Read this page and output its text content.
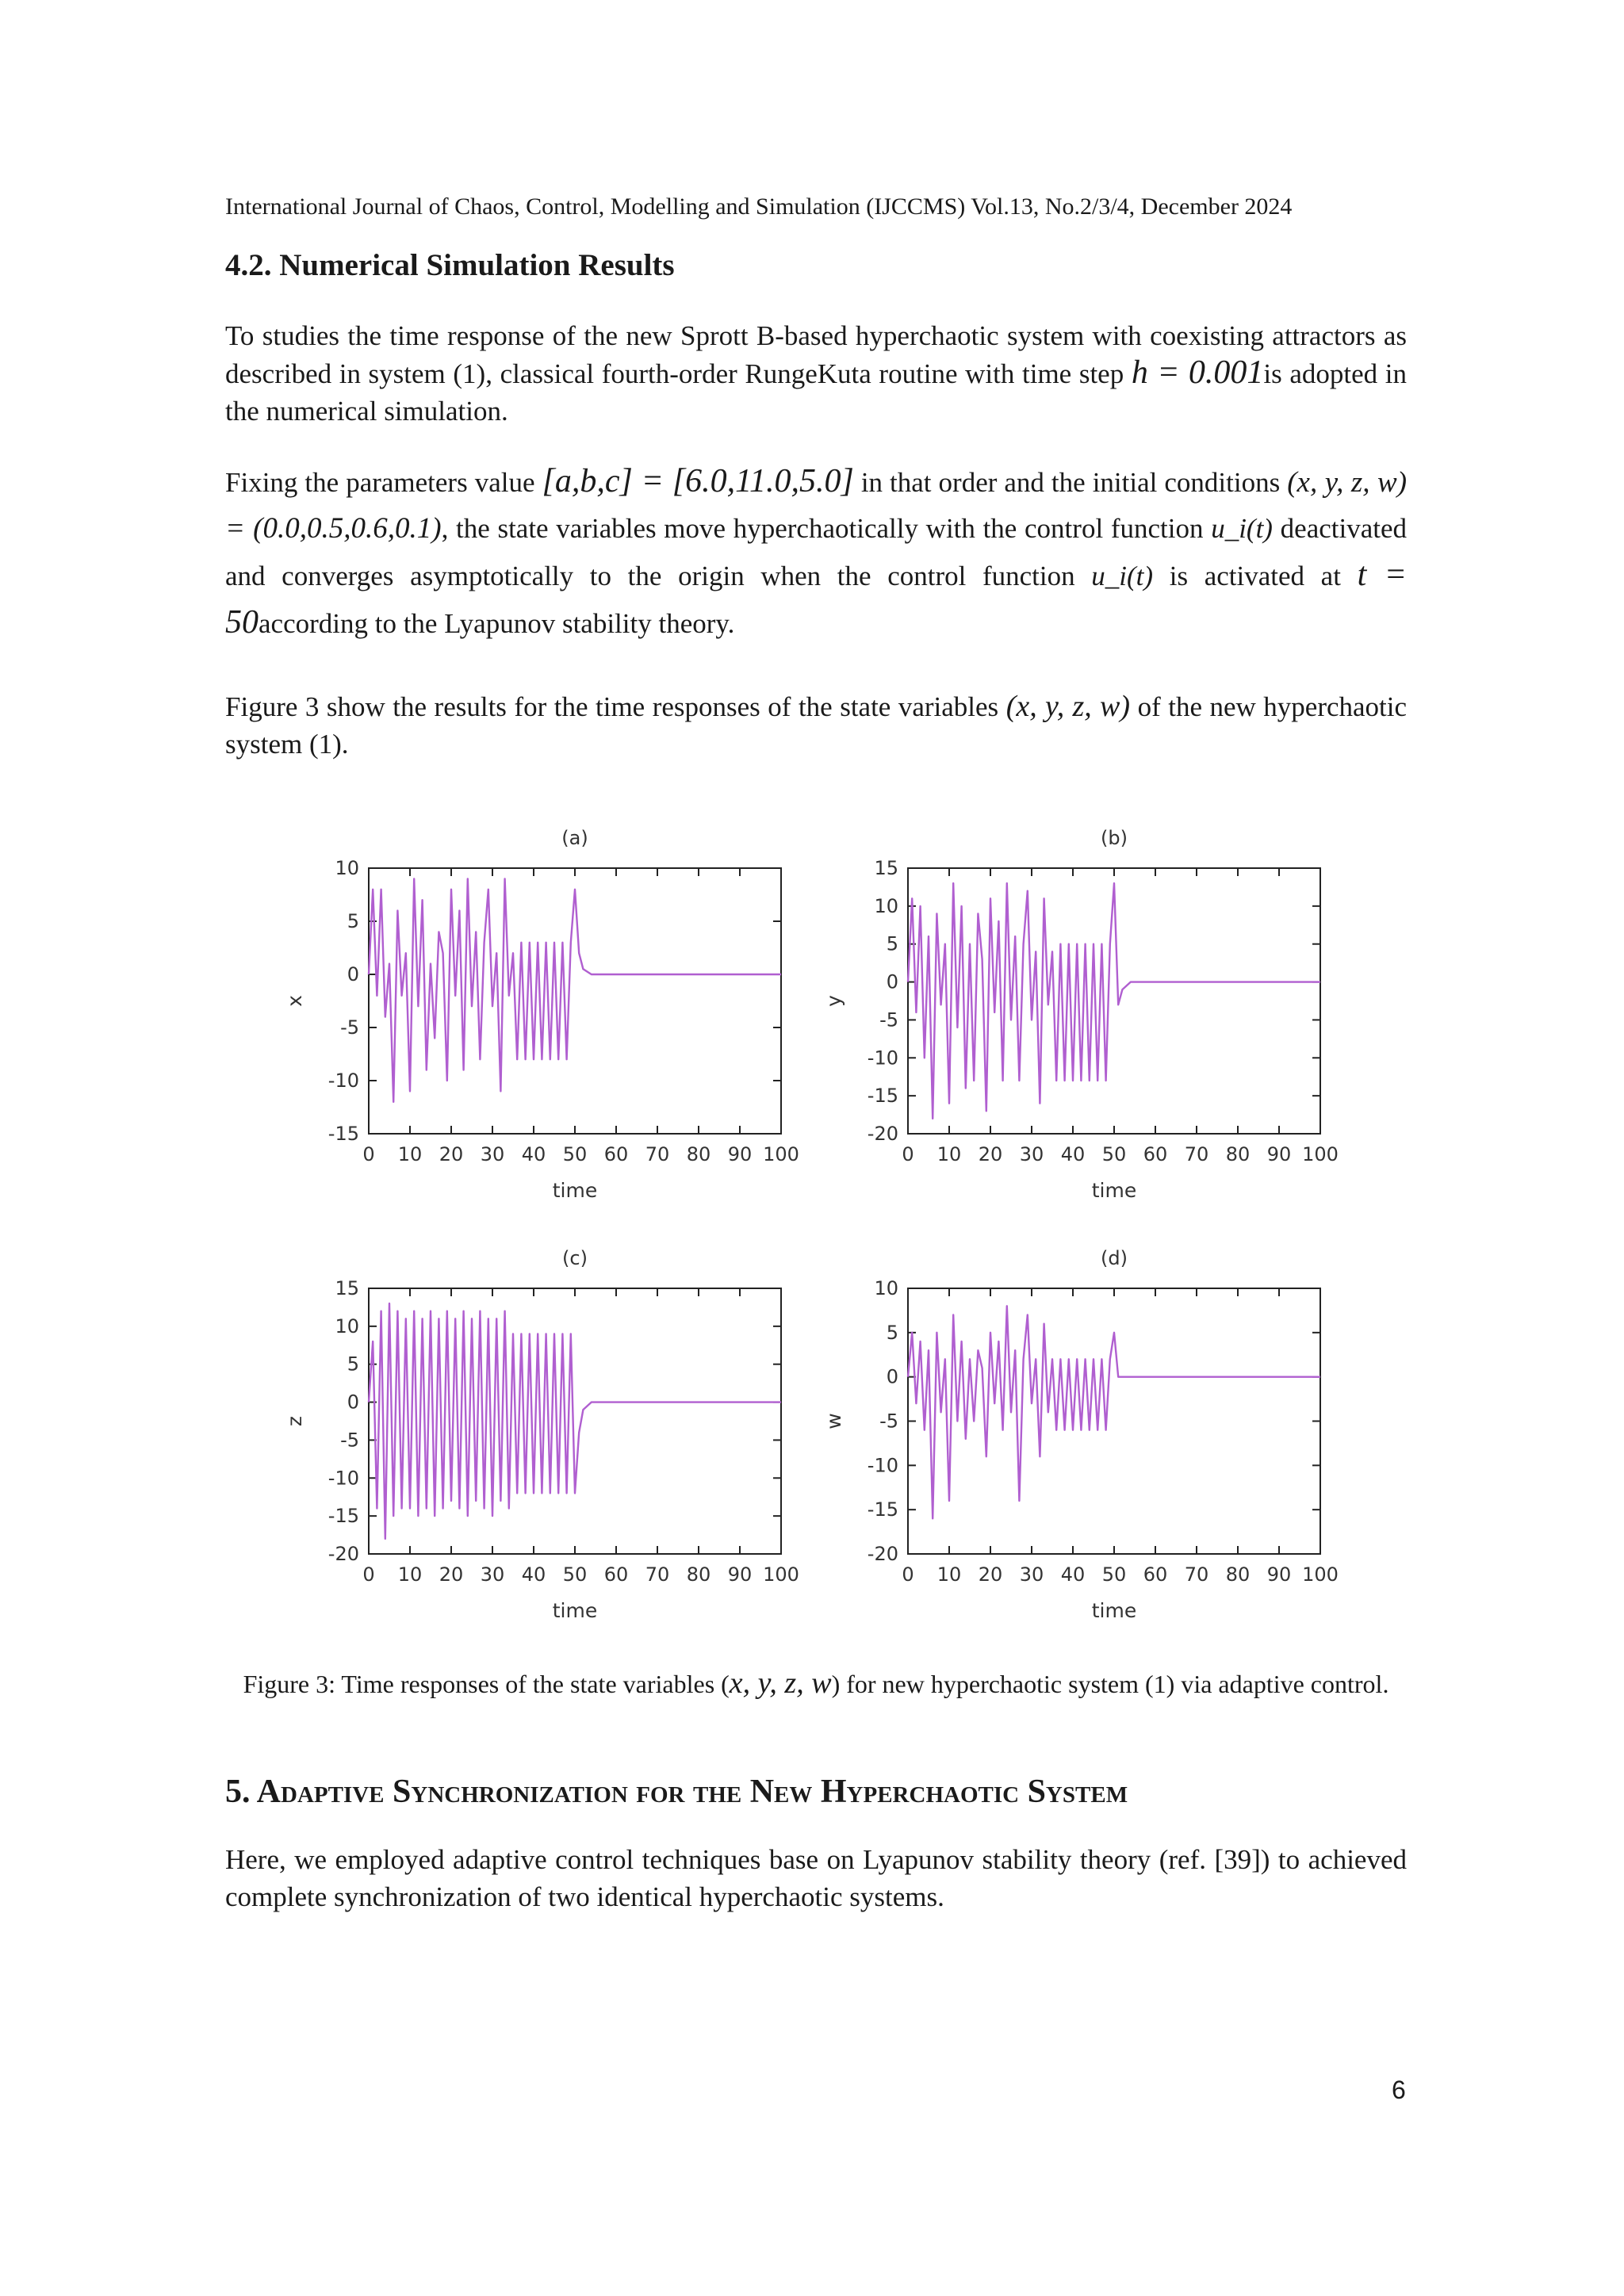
International Journal of Chaos, Control, Modelling and Simulation (IJCCMS) Vol.13, No.2/3/4, December 2024
4.2. Numerical Simulation Results
To studies the time response of the new Sprott B-based hyperchaotic system with coexisting attractors as described in system (1), classical fourth-order RungeKuta routine with time step h = 0.001is adopted in the numerical simulation.
Fixing the parameters value [a,b,c] = [6.0,11.0,5.0] in that order and the initial conditions (x, y, z, w) = (0.0,0.5,0.6,0.1), the state variables move hyperchaotically with the control function u_i(t) deactivated and converges asymptotically to the origin when the control function u_i(t) is activated at t = 50according to the Lyapunov stability theory.
Figure 3 show the results for the time responses of the state variables (x, y, z, w) of the new hyperchaotic system (1).
(a)
0 10 20 30 40 50 60 70 80 90 100
10
5
0
-5
-10
-15
time
x
(b)
0 10 20 30 40 50 60 70 80 90 100
15
10
5
0
-5
-10
-15
-20
time
y
(c)
0 10 20 30 40 50 60 70 80 90 100
15
10
5
0
-5
-10
-15
-20
time
z
(d)
0 10 20 30 40 50 60 70 80 90 100
10
5
0
-5
-10
-15
-20
time
w
Figure 3: Time responses of the state variables (x, y, z, w) for new hyperchaotic system (1) via adaptive control.
5. Adaptive Synchronization for the New Hyperchaotic System
Here, we employed adaptive control techniques base on Lyapunov stability theory (ref. [39]) to achieved complete synchronization of two identical hyperchaotic systems.
6
